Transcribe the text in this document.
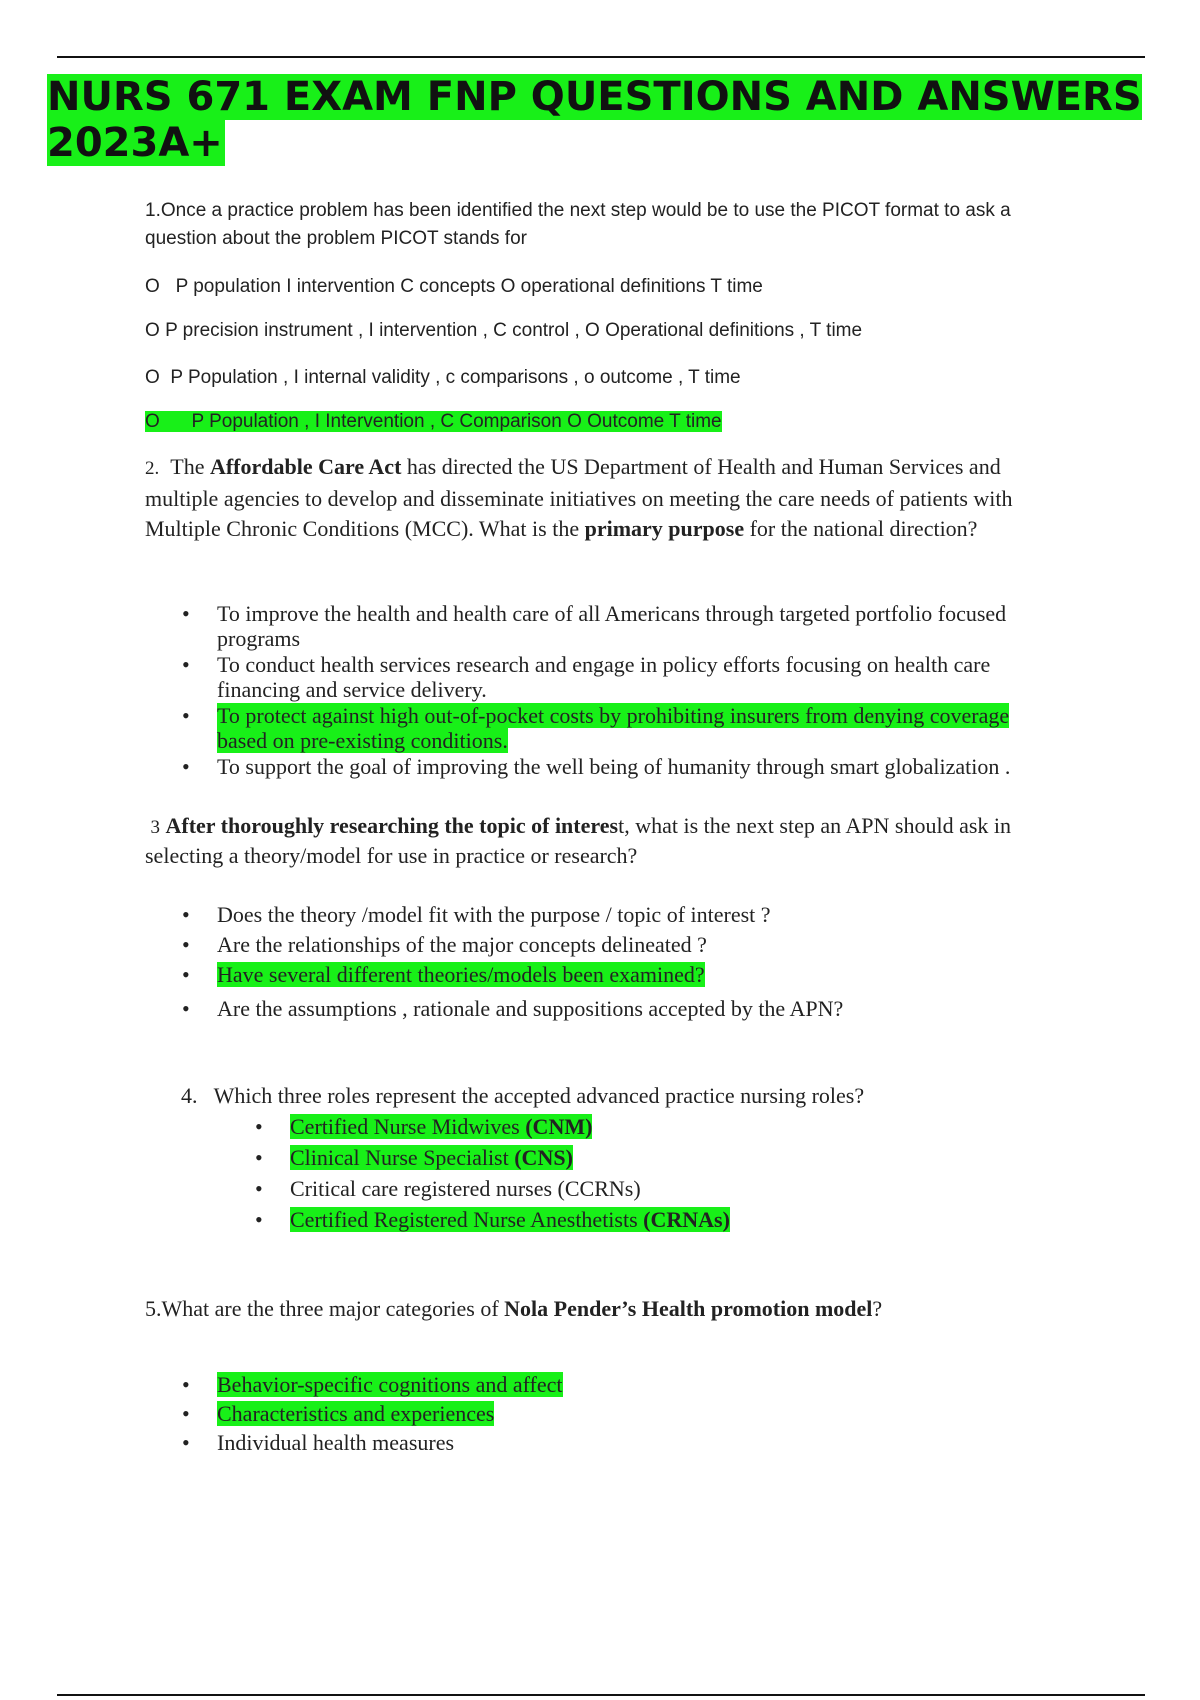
NURS 671 EXAM FNP QUESTIONS AND ANSWERS 2023A+
1.Once a practice problem has been identified the next step would be to use the PICOT format to ask a question about the problem PICOT stands for
O P population I intervention C concepts O operational definitions T time
O P precision instrument , I intervention , C control , O Operational definitions , T time
O P Population , I internal validity , c comparisons , o outcome , T time
O P Population , I Intervention , C Comparison O Outcome T time
2. The Affordable Care Act has directed the US Department of Health and Human Services and multiple agencies to develop and disseminate initiatives on meeting the care needs of patients with Multiple Chronic Conditions (MCC). What is the primary purpose for the national direction?
• To improve the health and health care of all Americans through targeted portfolio focused programs
• To conduct health services research and engage in policy efforts focusing on health care financing and service delivery.
• To protect against high out-of-pocket costs by prohibiting insurers from denying coverage based on pre-existing conditions.
• To support the goal of improving the well being of humanity through smart globalization .
3 After thoroughly researching the topic of interest, what is the next step an APN should ask in selecting a theory/model for use in practice or research?
• Does the theory /model fit with the purpose / topic of interest ?
• Are the relationships of the major concepts delineated ?
• Have several different theories/models been examined?
• Are the assumptions , rationale and suppositions accepted by the APN?
4. Which three roles represent the accepted advanced practice nursing roles?
• Certified Nurse Midwives (CNM)
• Clinical Nurse Specialist (CNS)
• Critical care registered nurses (CCRNs)
• Certified Registered Nurse Anesthetists (CRNAs)
5.What are the three major categories of Nola Pender’s Health promotion model?
• Behavior-specific cognitions and affect
• Characteristics and experiences
• Individual health measures
